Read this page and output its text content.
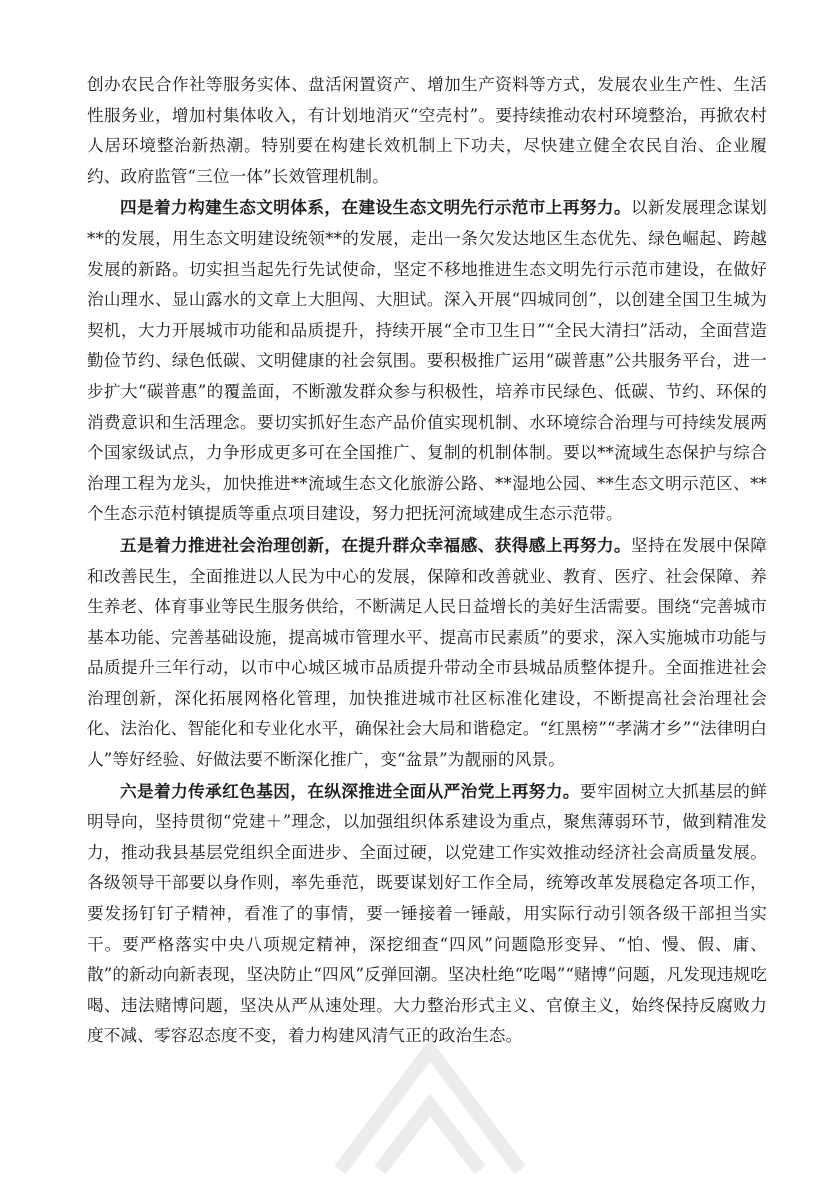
创办农民合作社等服务实体、盘活闲置资产、增加生产资料等方式，发展农业生产性、生活性服务业，增加村集体收入，有计划地消灭“空壳村”。要持续推动农村环境整治，再掀农村人居环境整治新热潮。特别要在构建长效机制上下功夫，尽快建立健全农民自治、企业履约、政府监管“三位一体”长效管理机制。

四是着力构建生态文明体系，在建设生态文明先行示范市上再努力。以新发展理念谋划**的发展，用生态文明建设统领**的发展，走出一条欠发达地区生态优先、绿色崛起、跨越发展的新路。切实担当起先行先试使命，坚定不移地推进生态文明先行示范市建设，在做好治山理水、显山露水的文章上大胆闯、大胆试。深入开展“四城同创”，以创建全国卫生城为契机，大力开展城市功能和品质提升，持续开展“全市卫生日”“全民大清扫”活动，全面营造勤俭节约、绿色低碳、文明健康的社会氛围。要积极推广运用“碳普惠”公共服务平台，进一步扩大“碳普惠”的覆盖面，不断激发群众参与积极性，培养市民绿色、低碳、节约、环保的消费意识和生活理念。要切实抓好生态产品价值实现机制、水环境综合治理与可持续发展两个国家级试点，力争形成更多可在全国推广、复制的机制体制。要以**流域生态保护与综合治理工程为龙头，加快推进**流域生态文化旅游公路、**湿地公园、**生态文明示范区、**个生态示范村镇提质等重点项目建设，努力把抚河流域建成生态示范带。

五是着力推进社会治理创新，在提升群众幸福感、获得感上再努力。坚持在发展中保障和改善民生，全面推进以人民为中心的发展，保障和改善就业、教育、医疗、社会保障、养生养老、体育事业等民生服务供给，不断满足人民日益增长的美好生活需要。围绕“完善城市基本功能、完善基础设施，提高城市管理水平、提高市民素质”的要求，深入实施城市功能与品质提升三年行动，以市中心城区城市品质提升带动全市县城品质整体提升。全面推进社会治理创新，深化拓展网格化管理，加快推进城市社区标准化建设，不断提高社会治理社会化、法治化、智能化和专业化水平，确保社会大局和谐稳定。“红黑榜”“孝满才乡”“法律明白人”等好经验、好做法要不断深化推广，变“盆景”为靓丽的风景。

六是着力传承红色基因，在纵深推进全面从严治党上再努力。要牢固树立大抓基层的鲜明导向，坚持贯彻“党建＋”理念，以加强组织体系建设为重点，聚焦薄弱环节，做到精准发力，推动我县基层党组织全面进步、全面过硬，以党建工作实效推动经济社会高质量发展。各级领导干部要以身作则，率先垂范，既要谋划好工作全局，统筹改革发展稳定各项工作，要发扬钉钉子精神，看准了的事情，要一锤接着一锤敲，用实际行动引领各级干部担当实干。要严格落实中央八项规定精神，深挖细查“四风”问题隐形变异、“怕、慢、假、庸、散”的新动向新表现，坚决防止“四风”反弹回潮。坚决杜绝“吃喝”“赌博”问题，凡发现违规吃喝、违法赌博问题，坚决从严从速处理。大力整治形式主义、官僚主义，始终保持反腐败力度不减、零容忍态度不变，着力构建风清气正的政治生态。
